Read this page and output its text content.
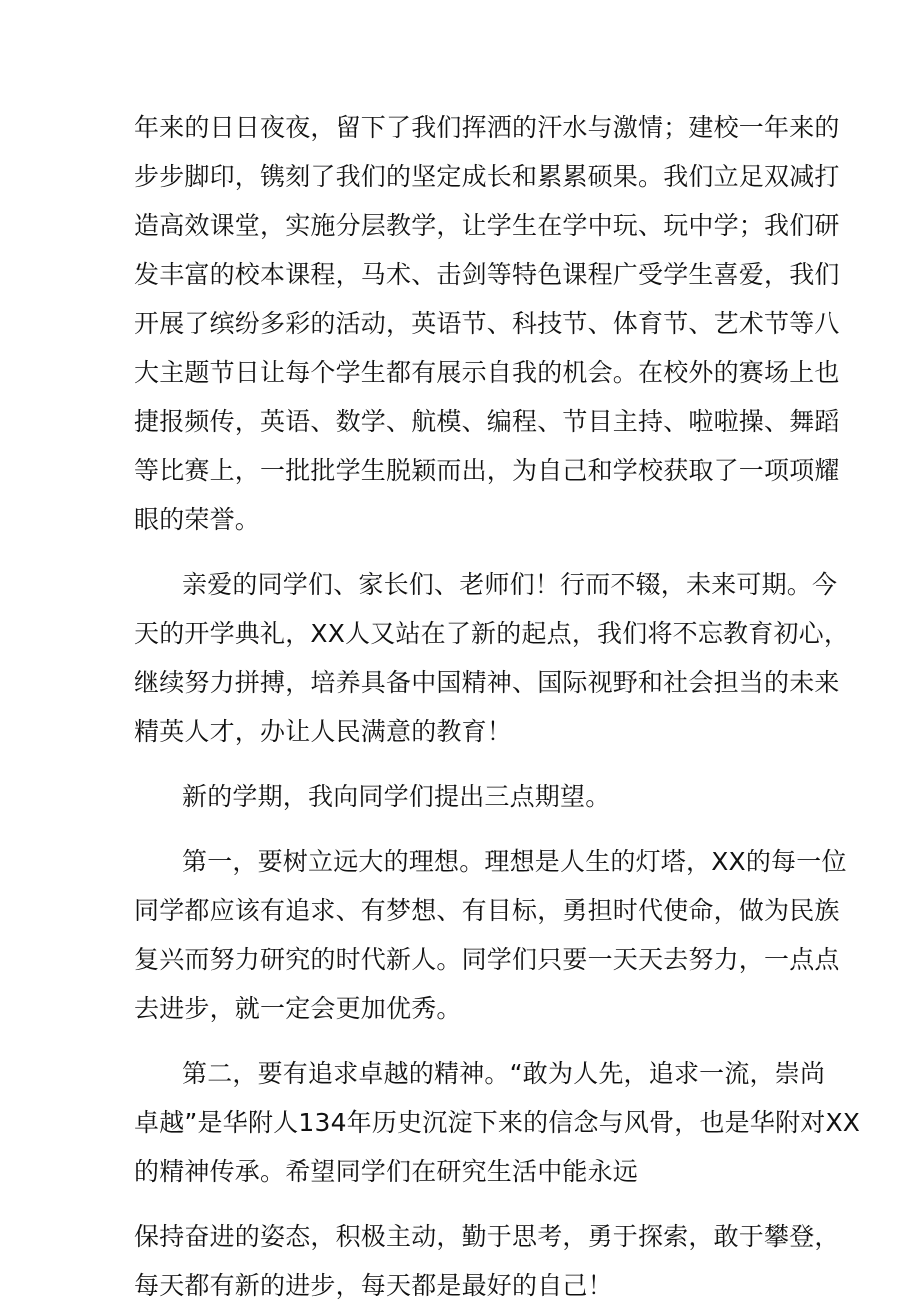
年来的日日夜夜，留下了我们挥洒的汗水与激情；建校一年来的
步步脚印，镌刻了我们的坚定成长和累累硕果。我们立足双减打
造高效课堂，实施分层教学，让学生在学中玩、玩中学；我们研
发丰富的校本课程，马术、击剑等特色课程广受学生喜爱，我们
开展了缤纷多彩的活动，英语节、科技节、体育节、艺术节等八
大主题节日让每个学生都有展示自我的机会。在校外的赛场上也
捷报频传，英语、数学、航模、编程、节目主持、啦啦操、舞蹈
等比赛上，一批批学生脱颖而出，为自己和学校获取了一项项耀
眼的荣誉。
亲爱的同学们、家长们、老师们！行而不辍，未来可期。今
天的开学典礼，XX人又站在了新的起点，我们将不忘教育初心，
继续努力拼搏，培养具备中国精神、国际视野和社会担当的未来
精英人才，办让人民满意的教育！
新的学期，我向同学们提出三点期望。
第一，要树立远大的理想。理想是人生的灯塔，XX的每一位
同学都应该有追求、有梦想、有目标，勇担时代使命，做为民族
复兴而努力研究的时代新人。同学们只要一天天去努力，一点点
去进步，就一定会更加优秀。
第二，要有追求卓越的精神。“敢为人先，追求一流，崇尚
卓越”是华附人134年历史沉淀下来的信念与风骨，也是华附对XX
的精神传承。希望同学们在研究生活中能永远
保持奋进的姿态，积极主动，勤于思考，勇于探索，敢于攀登，
每天都有新的进步，每天都是最好的自己！
